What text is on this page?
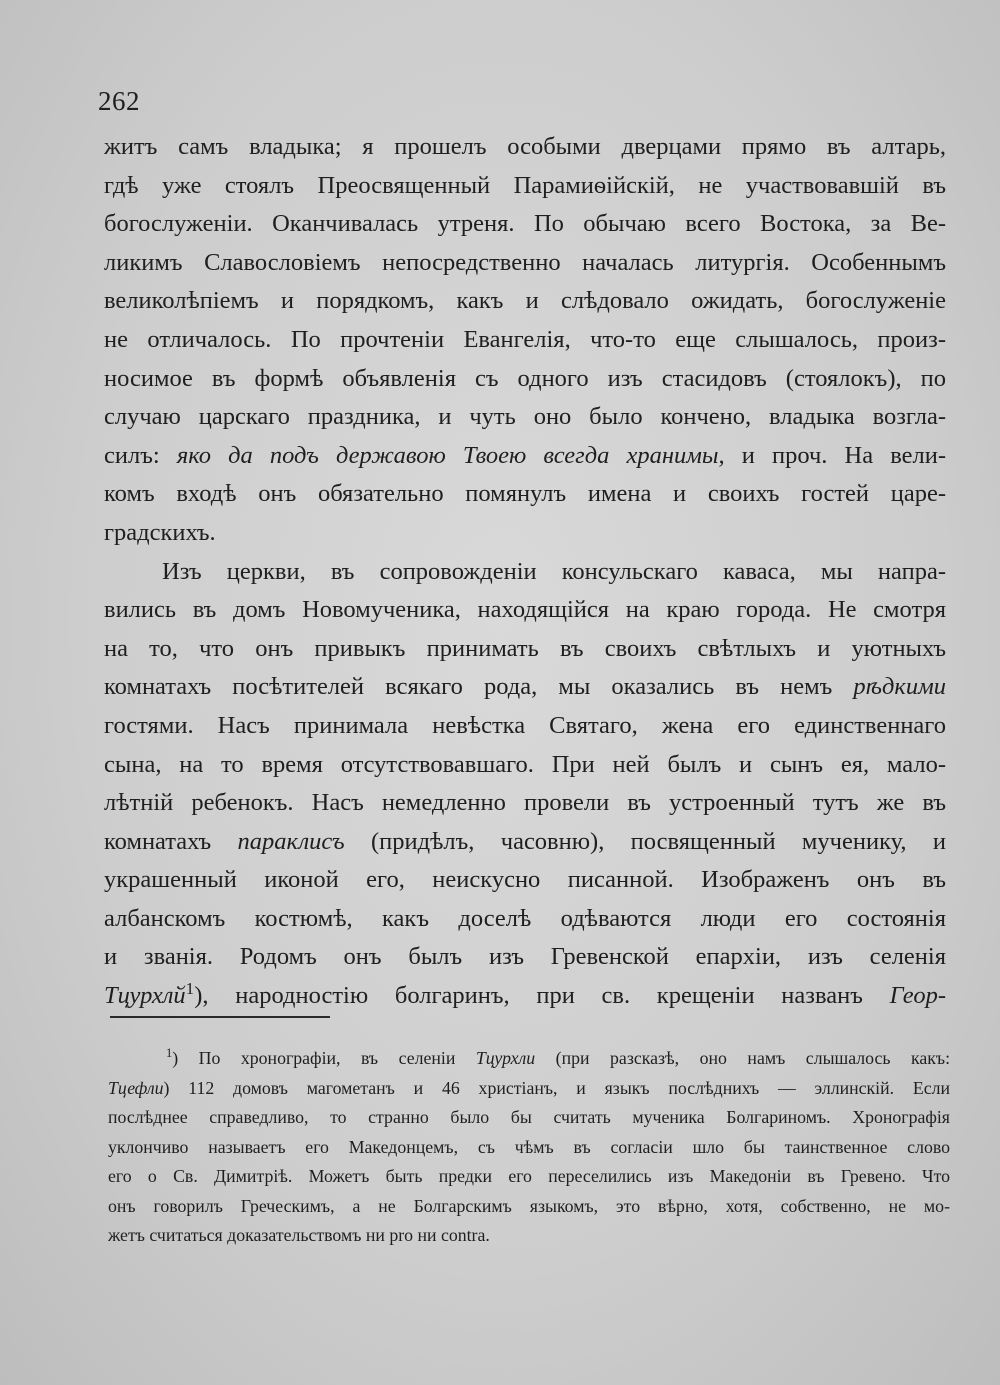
262
житъ самъ владыка; я прошелъ особыми дверцами прямо въ алтарь,
гдѣ уже стоялъ Преосвященный Парамиѳійскій, не участвовавшій въ
богослуженіи. Оканчивалась утреня. По обычаю всего Востока, за Ве-
ликимъ Славословіемъ непосредственно началась литургія. Особеннымъ
великолѣпіемъ и порядкомъ, какъ и слѣдовало ожидать, богослуженіе
не отличалось. По прочтеніи Евангелія, что-то еще слышалось, произ-
носимое въ формѣ объявленія съ одного изъ стасидовъ (стоялокъ), по
случаю царскаго праздника, и чуть оно было кончено, владыка возгла-
силъ: яко да подъ державою Твоею всегда хранимы, и проч. На вели-
комъ входѣ онъ обязательно помянулъ имена и своихъ гостей царе-
градскихъ.
Изъ церкви, въ сопровожденіи консульскаго каваса, мы напра-
вились въ домъ Новомученика, находящійся на краю города. Не смотря
на то, что онъ привыкъ принимать въ своихъ свѣтлыхъ и уютныхъ
комнатахъ посѣтителей всякаго рода, мы оказались въ немъ рѣдкими
гостями. Насъ принимала невѣстка Святаго, жена его единственнаго
сына, на то время отсутствовавшаго. При ней былъ и сынъ ея, мало-
лѣтній ребенокъ. Насъ немедленно провели въ устроенный тутъ же въ
комнатахъ параклисъ (придѣлъ, часовню), посвященный мученику, и
украшенный иконой его, неискусно писанной. Изображенъ онъ въ
албанскомъ костюмѣ, какъ доселѣ одѣваются люди его состоянія
и званія. Родомъ онъ былъ изъ Гревенской епархіи, изъ селенія
Тцурхлй$^1$), народностію болгаринъ, при св. крещеніи названъ Геор-
$^1$) По хронографіи, въ селеніи Тцурхли (при разсказѣ, оно намъ слышалось какъ:
Тцефли) 112 домовъ магометанъ и 46 христіанъ, и языкъ послѣднихъ — эллинскій. Если
послѣднее справедливо, то странно было бы считать мученика Болгариномъ. Хронографія
уклончиво называетъ его Македонцемъ, съ чѣмъ въ согласіи шло бы таинственное слово
его о Св. Димитріѣ. Можетъ быть предки его переселились изъ Македоніи въ Гревено. Что
онъ говорилъ Греческимъ, а не Болгарскимъ языкомъ, это вѣрно, хотя, собственно, не мо-
жетъ считаться доказательствомъ ни pro ни contra.
